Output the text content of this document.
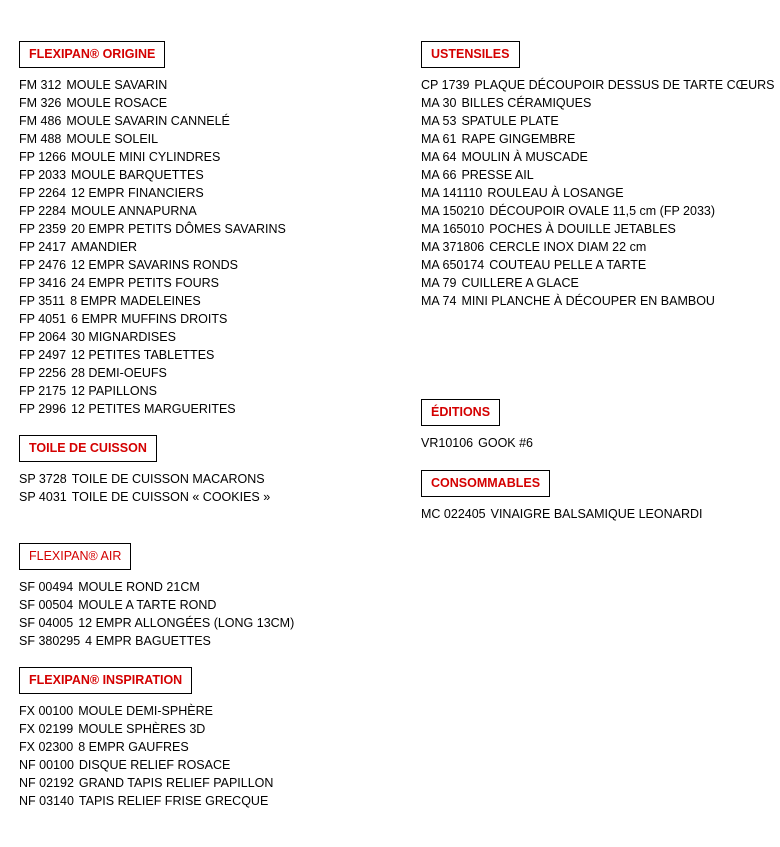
FLEXIPAN® ORIGINE
FM 312 MOULE SAVARIN
FM 326 MOULE ROSACE
FM 486 MOULE SAVARIN CANNELÉ
FM 488 MOULE SOLEIL
FP 1266 MOULE MINI CYLINDRES
FP 2033 MOULE BARQUETTES
FP 2264 12 EMPR FINANCIERS
FP 2284 MOULE ANNAPURNA
FP 2359 20 EMPR PETITS DÔMES SAVARINS
FP 2417 AMANDIER
FP 2476 12 EMPR SAVARINS RONDS
FP 3416 24 EMPR PETITS FOURS
FP 3511 8 EMPR MADELEINES
FP 4051 6 EMPR MUFFINS DROITS
FP 2064 30 MIGNARDISES
FP 2497 12 PETITES TABLETTES
FP 2256 28 DEMI-OEUFS
FP 2175 12 PAPILLONS
FP 2996 12 PETITES MARGUERITES
TOILE DE CUISSON
SP 3728 TOILE DE CUISSON MACARONS
SP 4031 TOILE DE CUISSON « COOKIES »
FLEXIPAN® AIR
SF 00494 MOULE ROND 21CM
SF 00504 MOULE A TARTE ROND
SF 04005 12 EMPR ALLONGÉES (LONG 13CM)
SF 380295 4 EMPR BAGUETTES
FLEXIPAN® INSPIRATION
FX 00100 MOULE DEMI-SPHÈRE
FX 02199 MOULE SPHÈRES 3D
FX 02300 8 EMPR GAUFRES
NF 00100 DISQUE RELIEF ROSACE
NF 02192 GRAND TAPIS RELIEF PAPILLON
NF 03140 TAPIS RELIEF FRISE GRECQUE
USTENSILES
CP 1739 PLAQUE DÉCOUPOIR DESSUS DE TARTE CŒURS
MA 30 BILLES CÉRAMIQUES
MA 53 SPATULE PLATE
MA 61 RAPE GINGEMBRE
MA 64 MOULIN À MUSCADE
MA 66 PRESSE AIL
MA 141110 ROULEAU À LOSANGE
MA 150210 DÉCOUPOIR OVALE 11,5 cm (FP 2033)
MA 165010 POCHES À DOUILLE JETABLES
MA 371806 CERCLE INOX DIAM 22 cm
MA 650174 COUTEAU PELLE A TARTE
MA 79 CUILLERE A GLACE
MA 74 MINI PLANCHE À DÉCOUPER EN BAMBOU
ÉDITIONS
VR10106 GOOK #6
CONSOMMABLES
MC 022405 VINAIGRE BALSAMIQUE LEONARDI
